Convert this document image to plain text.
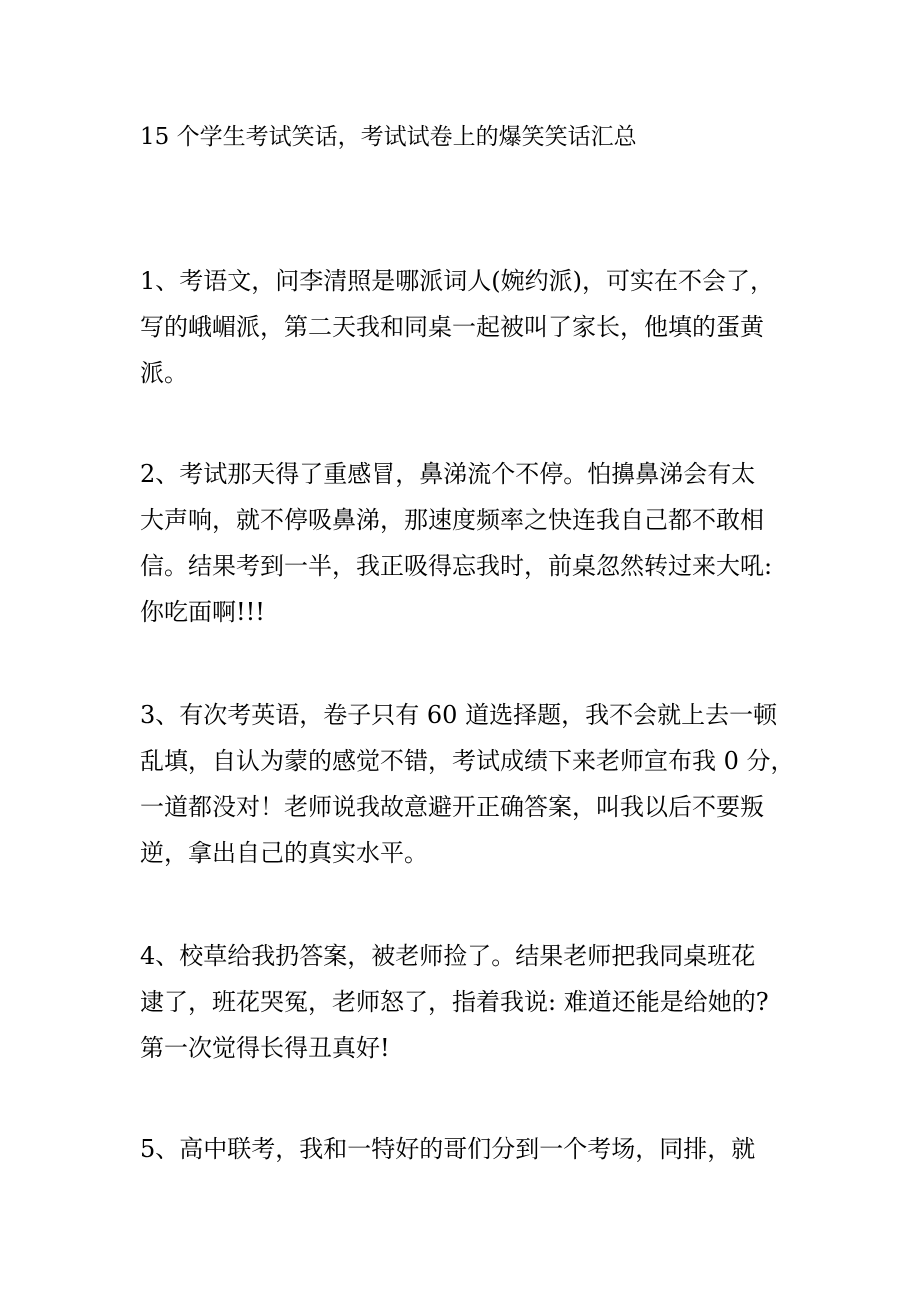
15 个学生考试笑话，考试试卷上的爆笑笑话汇总

1、考语文，问李清照是哪派词人(婉约派)，可实在不会了，
写的峨嵋派，第二天我和同桌一起被叫了家长，他填的蛋黄
派。

2、考试那天得了重感冒，鼻涕流个不停。怕擤鼻涕会有太
大声响，就不停吸鼻涕，那速度频率之快连我自己都不敢相
信。结果考到一半，我正吸得忘我时，前桌忽然转过来大吼:
你吃面啊!!!

3、有次考英语，卷子只有 60 道选择题，我不会就上去一顿
乱填，自认为蒙的感觉不错，考试成绩下来老师宣布我 0 分，
一道都没对！老师说我故意避开正确答案，叫我以后不要叛
逆，拿出自己的真实水平。

4、校草给我扔答案，被老师捡了。结果老师把我同桌班花
逮了，班花哭冤，老师怒了，指着我说: 难道还能是给她的?
第一次觉得长得丑真好!

5、高中联考，我和一特好的哥们分到一个考场，同排，就
